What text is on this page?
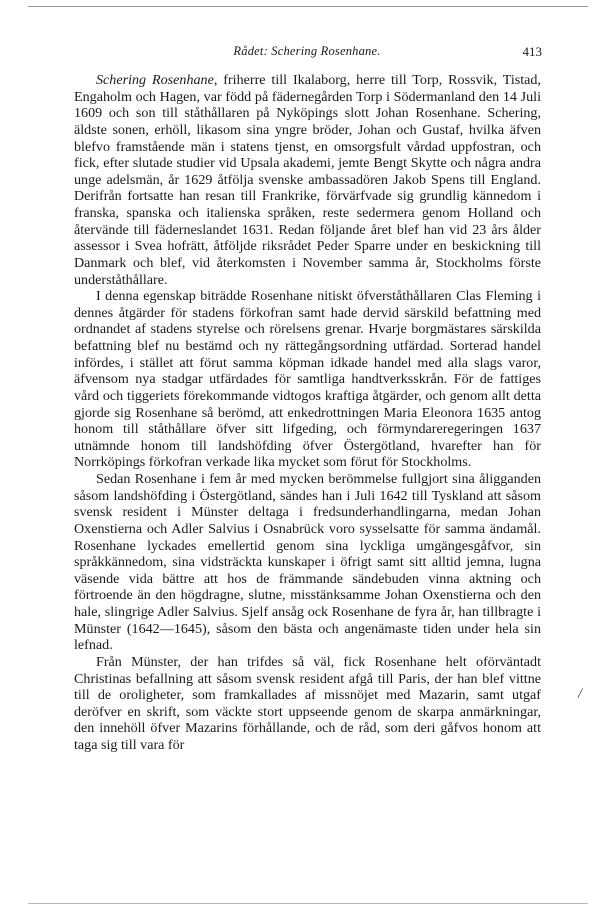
Rådet: Schering Rosenhane.	413

Schering Rosenhane, friherre till Ikalaborg, herre till Torp, Rossvik, Tistad, Engaholm och Hagen, var född på fädernegården Torp i Södermanland den 14 Juli 1609 och son till ståthållaren på Nyköpings slott Johan Rosenhane. Schering, äldste sonen, erhöll, likasom sina yngre bröder, Johan och Gustaf, hvilka äfven blefvo framstående män i statens tjenst, en omsorgsfult vårdad uppfostran, och fick, efter slutade studier vid Upsala akademi, jemte Bengt Skytte och några andra unge adelsmän, år 1629 åtfölja svenske ambassadören Jakob Spens till England. Derifrån fortsatte han resan till Frankrike, förvärfvade sig grundlig kännedom i franska, spanska och italienska språken, reste sedermera genom Holland och återvände till fäderneslandet 1631. Redan följande året blef han vid 23 års ålder assessor i Svea hofrätt, åtföljde riksrådet Peder Sparre under en beskickning till Danmark och blef, vid återkomsten i November samma år, Stockholms förste underståthållare.

I denna egenskap biträdde Rosenhane nitiskt öfverståthållaren Clas Fleming i dennes åtgärder för stadens förkofran samt hade dervid särskild befattning med ordnandet af stadens styrelse och rörelsens grenar. Hvarje borgmästares särskilda befattning blef nu bestämd och ny rättegångsordning utfärdad. Sorterad handel infördes, i stället att förut samma köpman idkade handel med alla slags varor, äfvensom nya stadgar utfärdades för samtliga handtverksskrån. För de fattiges vård och tiggeriets förekommande vidtogos kraftiga åtgärder, och genom allt detta gjorde sig Rosenhane så berömd, att enkedrottningen Maria Eleonora 1635 antog honom till ståthållare öfver sitt lifgeding, och förmyndareregeringen 1637 utnämnde honom till landshöfding öfver Östergötland, hvarefter han för Norrköpings förkofran verkade lika mycket som förut för Stockholms.

Sedan Rosenhane i fem år med mycken berömmelse fullgjort sina åligganden såsom landshöfding i Östergötland, sändes han i Juli 1642 till Tyskland att såsom svensk resident i Münster deltaga i fredsunderhandlingarna, medan Johan Oxenstierna och Adler Salvius i Osnabrück voro sysselsatte för samma ändamål. Rosenhane lyckades emellertid genom sina lyckliga umgängesgåfvor, sin språkkännedom, sina vidsträckta kunskaper i öfrigt samt sitt alltid jemna, lugna väsende vida bättre att hos de främmande sändebuden vinna aktning och förtroende än den högdragne, slutne, misstänksamme Johan Oxenstierna och den hale, slingrige Adler Salvius. Sjelf ansåg ock Rosenhane de fyra år, han tillbragte i Münster (1642—1645), såsom den bästa och angenämaste tiden under hela sin lefnad.

Från Münster, der han trifdes så väl, fick Rosenhane helt oförväntadt Christinas befallning att såsom svensk resident afgå till Paris, der han blef vittne till de oroligheter, som framkallades af missnöjet med Mazarin, samt utgaf deröfver en skrift, som väckte stort uppseende genom de skarpa anmärkningar, den innehöll öfver Mazarins förhållande, och de råd, som deri gåfvos honom att taga sig till vara för

/
